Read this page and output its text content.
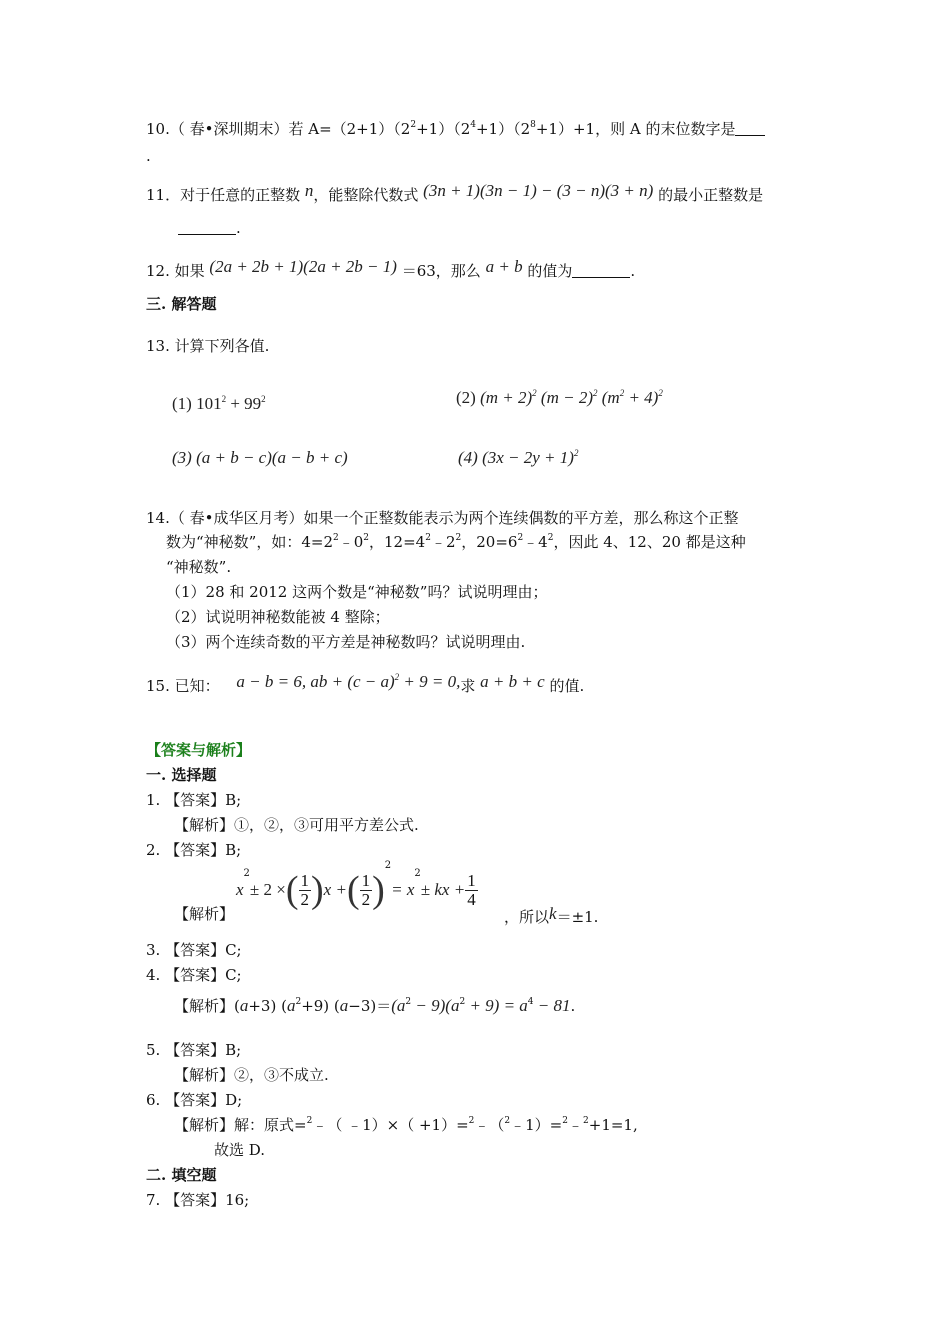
10.（ 春•深圳期末）若 $A=(2+1)(2^2+1)(2^4+1)(2^8+1)+1$，则 A 的末位数字是
.
11．对于任意的正整数 n，能整除代数式 (3n + 1)(3n − 1) − (3 − n)(3 + n) 的最小正整数是
.
12. 如果 (2a + 2b + 1)(2a + 2b − 1) ＝63，那么 a + b 的值为	.
三. 解答题
13. 计算下列各值.
(1) $101^2 + 99^2$	(2) $(m + 2)^2$ $(m - 2)^2$ $(m^2 + 4)^2$
(3) (a + b − c)(a − b + c)	(4) $(3x - 2y + 1)^2$
14.（ 春•成华区月考）如果一个正整数能表示为两个连续偶数的平方差，那么称这个正整
数为“神秘数”，如：$4=2^2﹣0^2$，$12=4^2﹣2^2$，$20=6^2﹣4^2$，因此 4、12、20 都是这种
“神秘数”.
（1）28 和 2012 这两个数是“神秘数”吗？试说明理由；
（2）试说明神秘数能被 4 整除；
（3）两个连续奇数的平方差是神秘数吗？试说明理由.
15. 已知： a − b = 6, ab + $(c - a)^2 + 9 = 0$,求 a + b + c 的值.
【答案与解析】
一. 选择题
1. 【答案】B;
【解析】①，②，③可用平方差公式.
2. 【答案】B;
【解析】
x
2
± 2 × ( $\frac{1}{2}$ ) x + ( $\frac{1}{2}$ )
2
= x
2
± kx + $\frac{1}{4}$
，所以k＝±1.
3. 【答案】C;
4. 【答案】C;
【解析】(a+3) $(a^2+9) (a-3)=(a^2 - 9)(a^2 + 9) = a^4 - 81$.
5. 【答案】B;
【解析】②，③不成立.
6. 【答案】D;
【解析】解：原式=$^2$﹣（ ﹣1）×（ +1）=$^2$﹣（$^2$﹣1）=$^2$﹣$^2$+1=1,
故选 D.
二. 填空题
7. 【答案】16;
